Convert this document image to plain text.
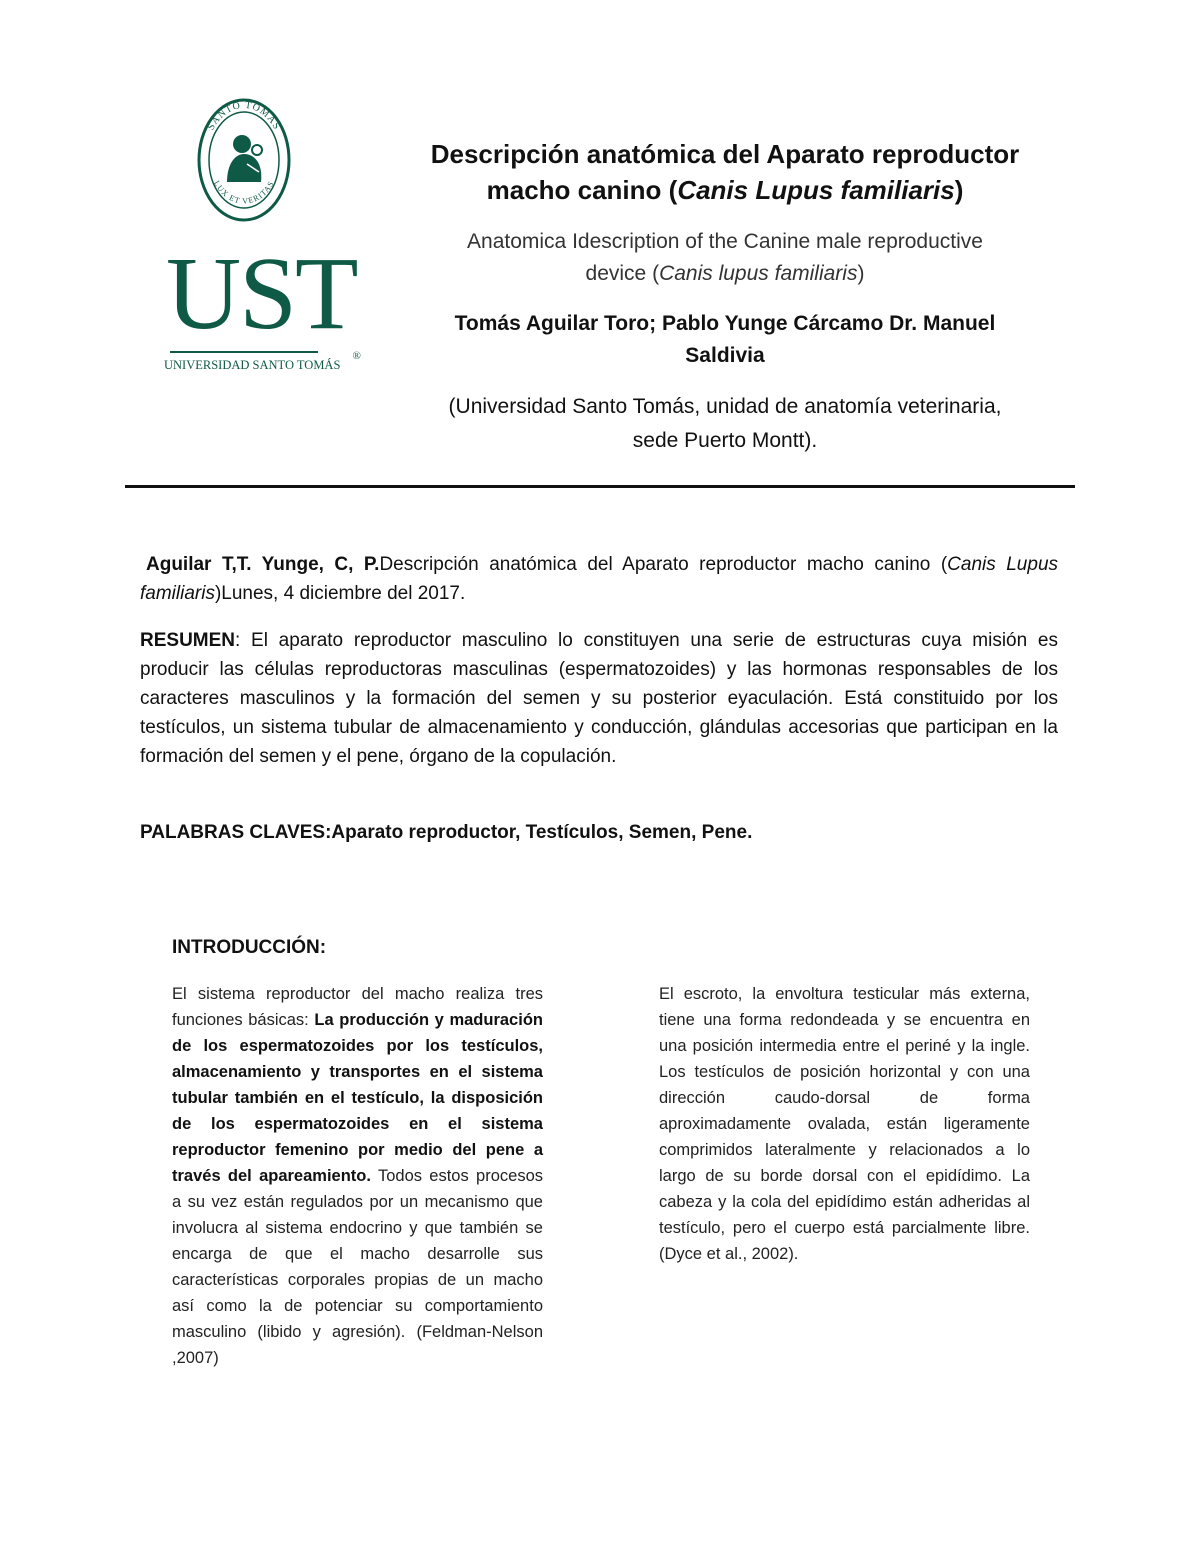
SANTO TOMÁS
LUX ET VERITAS
UST®
UNIVERSIDAD SANTO TOMÁS
Descripción anatómica del Aparato reproductor
macho canino (Canis Lupus familiaris)

Anatomica Idescription of the Canine male reproductive
device (Canis lupus familiaris)

Tomás Aguilar Toro; Pablo Yunge Cárcamo Dr. Manuel
Saldivia

(Universidad Santo Tomás, unidad de anatomía veterinaria,
sede Puerto Montt).

Aguilar T,T. Yunge, C, P.Descripción anatómica del Aparato reproductor macho canino (Canis Lupus familiaris)Lunes, 4 diciembre del 2017.

RESUMEN: El aparato reproductor masculino lo constituyen una serie de estructuras cuya misión es producir las células reproductoras masculinas (espermatozoides) y las hormonas responsables de los caracteres masculinos y la formación del semen y su posterior eyaculación. Está constituido por los testículos, un sistema tubular de almacenamiento y conducción, glándulas accesorias que participan en la formación del semen y el pene, órgano de la copulación.

PALABRAS CLAVES:Aparato reproductor, Testículos, Semen, Pene.

INTRODUCCIÓN:

El sistema reproductor del macho realiza tres funciones básicas: La producción y maduración de los espermatozoides por los testículos, almacenamiento y transportes en el sistema tubular también en el testículo, la disposición de los espermatozoides en el sistema reproductor femenino por medio del pene a través del apareamiento. Todos estos procesos a su vez están regulados por un mecanismo que involucra al sistema endocrino y que también se encarga de que el macho desarrolle sus características corporales propias de un macho así como la de potenciar su comportamiento masculino (libido y agresión). (Feldman-Nelson ,2007)

El escroto, la envoltura testicular más externa, tiene una forma redondeada y se encuentra en una posición intermedia entre el periné y la ingle. Los testículos de posición horizontal y con una dirección caudo-dorsal de forma aproximadamente ovalada, están ligeramente comprimidos lateralmente y relacionados a lo largo de su borde dorsal con el epidídimo. La cabeza y la cola del epidídimo están adheridas al testículo, pero el cuerpo está parcialmente libre. (Dyce et al., 2002).
